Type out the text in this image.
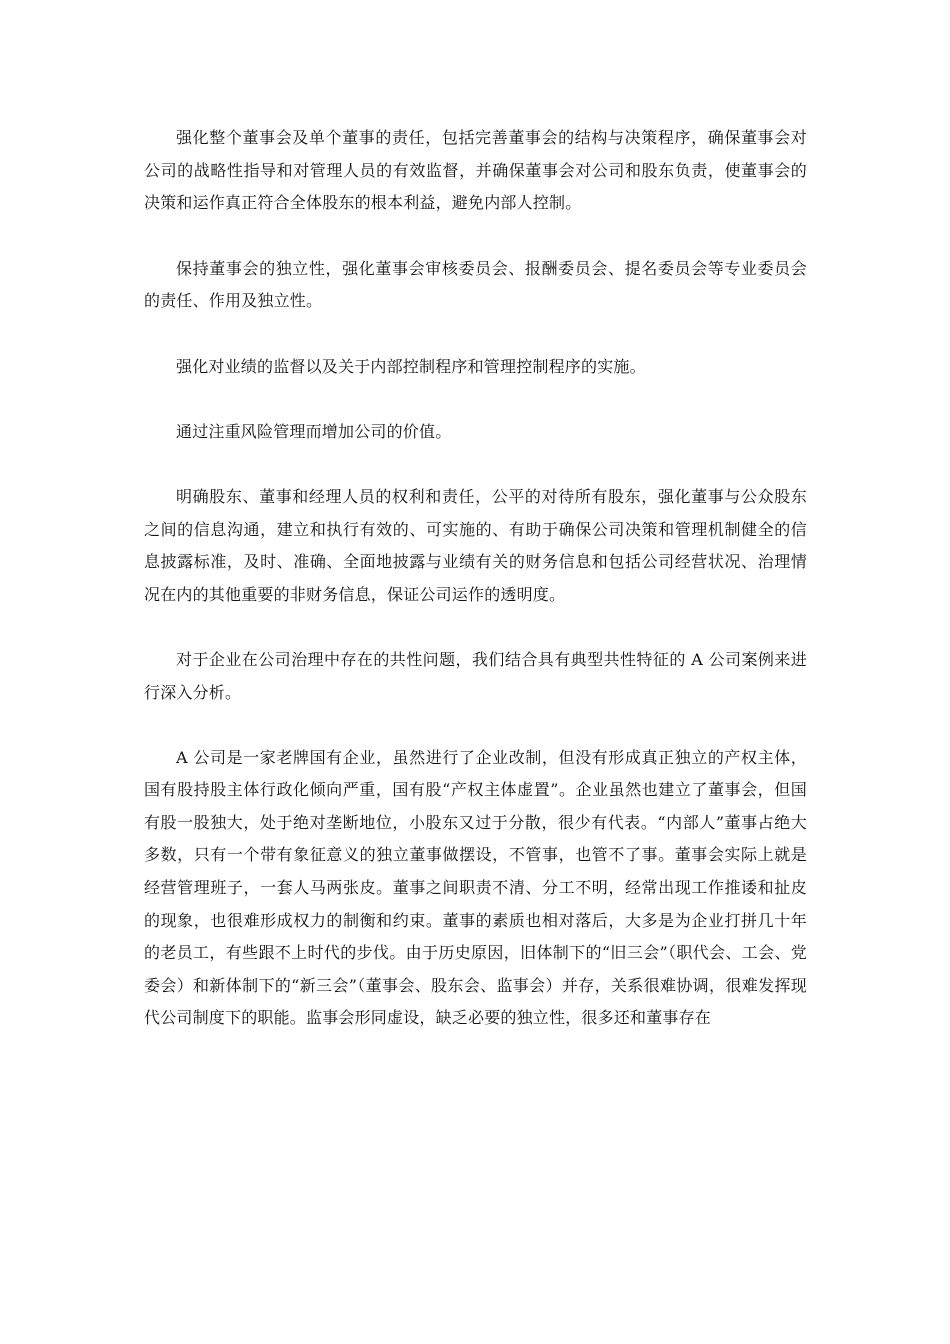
强化整个董事会及单个董事的责任，包括完善董事会的结构与决策程序，确保董事会对公司的战略性指导和对管理人员的有效监督，并确保董事会对公司和股东负责，使董事会的决策和运作真正符合全体股东的根本利益，避免内部人控制。

保持董事会的独立性，强化董事会审核委员会、报酬委员会、提名委员会等专业委员会的责任、作用及独立性。

强化对业绩的监督以及关于内部控制程序和管理控制程序的实施。

通过注重风险管理而增加公司的价值。

明确股东、董事和经理人员的权利和责任，公平的对待所有股东，强化董事与公众股东之间的信息沟通，建立和执行有效的、可实施的、有助于确保公司决策和管理机制健全的信息披露标准，及时、准确、全面地披露与业绩有关的财务信息和包括公司经营状况、治理情况在内的其他重要的非财务信息，保证公司运作的透明度。

对于企业在公司治理中存在的共性问题，我们结合具有典型共性特征的 A 公司案例来进行深入分析。

A 公司是一家老牌国有企业，虽然进行了企业改制，但没有形成真正独立的产权主体，国有股持股主体行政化倾向严重，国有股“产权主体虚置”。企业虽然也建立了董事会，但国有股一股独大，处于绝对垄断地位，小股东又过于分散，很少有代表。“内部人”董事占绝大多数，只有一个带有象征意义的独立董事做摆设，不管事，也管不了事。董事会实际上就是经营管理班子，一套人马两张皮。董事之间职责不清、分工不明，经常出现工作推诿和扯皮的现象，也很难形成权力的制衡和约束。董事的素质也相对落后，大多是为企业打拼几十年的老员工，有些跟不上时代的步伐。由于历史原因，旧体制下的“旧三会”（职代会、工会、党委会）和新体制下的“新三会”（董事会、股东会、监事会）并存，关系很难协调，很难发挥现代公司制度下的职能。监事会形同虚设，缺乏必要的独立性，很多还和董事存在
